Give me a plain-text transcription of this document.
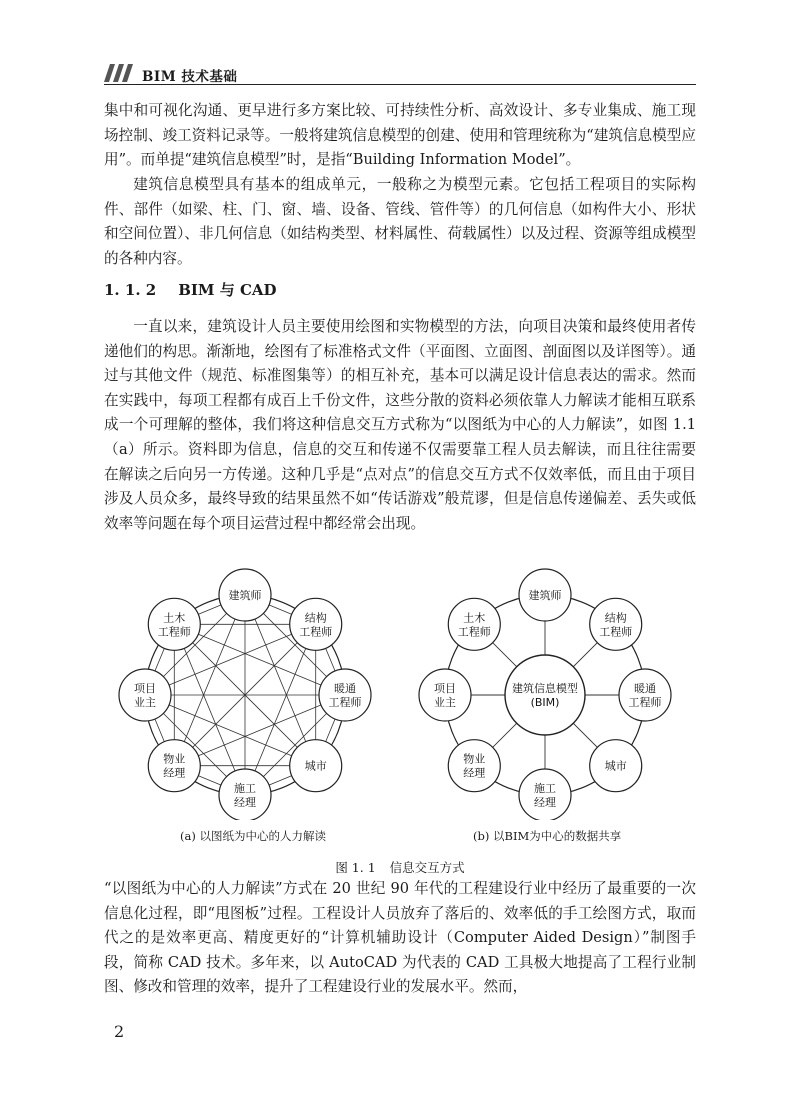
BIM 技术基础

集中和可视化沟通、更早进行多方案比较、可持续性分析、高效设计、多专业集成、施工现场控制、竣工资料记录等。一般将建筑信息模型的创建、使用和管理统称为“建筑信息模型应用”。而单提“建筑信息模型”时，是指“Building Information Model”。

建筑信息模型具有基本的组成单元，一般称之为模型元素。它包括工程项目的实际构件、部件（如梁、柱、门、窗、墙、设备、管线、管件等）的几何信息（如构件大小、形状和空间位置）、非几何信息（如结构类型、材料属性、荷载属性）以及过程、资源等组成模型的各种内容。

1. 1. 2 BIM 与 CAD

一直以来，建筑设计人员主要使用绘图和实物模型的方法，向项目决策和最终使用者传递他们的构思。渐渐地，绘图有了标准格式文件（平面图、立面图、剖面图以及详图等）。通过与其他文件（规范、标准图集等）的相互补充，基本可以满足设计信息表达的需求。然而在实践中，每项工程都有成百上千份文件，这些分散的资料必须依靠人力解读才能相互联系成一个可理解的整体，我们将这种信息交互方式称为“以图纸为中心的人力解读”，如图 1.1（a）所示。资料即为信息，信息的交互和传递不仅需要靠工程人员去解读，而且往往需要在解读之后向另一方传递。这种几乎是“点对点”的信息交互方式不仅效率低，而且由于项目涉及人员众多，最终导致的结果虽然不如“传话游戏”般荒谬，但是信息传递偏差、丢失或低效率等问题在每个项目运营过程中都经常会出现。

建筑师
结构工程师
暖通工程师
城市
施工经理
物业经理
项目业主
土木工程师
建筑信息模型(BIM)
建筑师
结构工程师
暖通工程师
城市
施工经理
物业经理
项目业主
土木工程师
(a) 以图纸为中心的人力解读	(b) 以BIM为中心的数据共享
图 1. 1 信息交互方式

“以图纸为中心的人力解读”方式在 20 世纪 90 年代的工程建设行业中经历了最重要的一次信息化过程，即“甩图板”过程。工程设计人员放弃了落后的、效率低的手工绘图方式，取而代之的是效率更高、精度更好的“计算机辅助设计（Computer Aided Design）”制图手段，简称 CAD 技术。多年来，以 AutoCAD 为代表的 CAD 工具极大地提高了工程行业制图、修改和管理的效率，提升了工程建设行业的发展水平。然而，

2
